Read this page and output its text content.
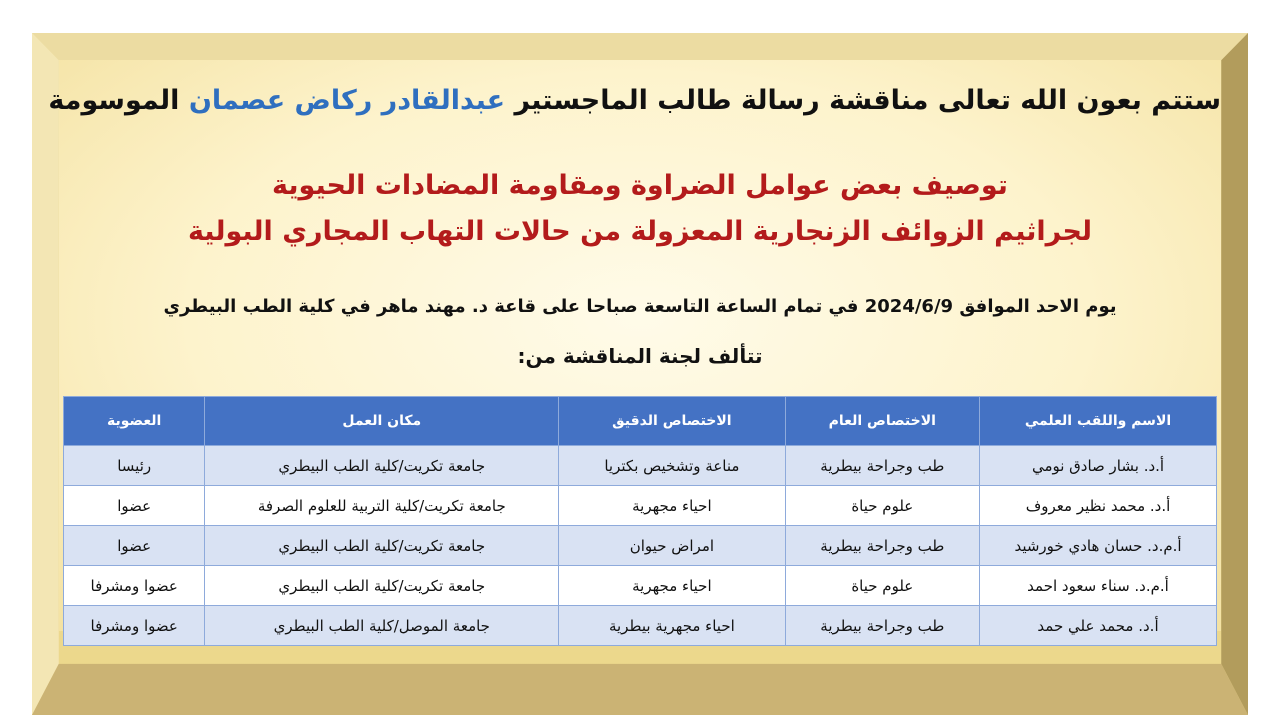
ستتم بعون الله تعالى مناقشة رسالة طالب الماجستير عبدالقادر ركاض عصمان الموسومة
توصيف بعض عوامل الضراوة ومقاومة المضادات الحيوية
لجراثيم الزوائف الزنجارية المعزولة من حالات التهاب المجاري البولية
يوم الاحد الموافق 2024/6/9 في تمام الساعة التاسعة صباحا على قاعة د. مهند ماهر في كلية الطب البيطري
تتألف لجنة المناقشة من:
الاسم واللقب العلمي	الاختصاص العام	الاختصاص الدقيق	مكان العمل	العضوية
أ.د. بشار صادق نومي	طب وجراحة بيطرية	مناعة وتشخيص بكتريا	جامعة تكريت/كلية الطب البيطري	رئيسا
أ.د. محمد نظير معروف	علوم حياة	احياء مجهرية	جامعة تكريت/كلية التربية للعلوم الصرفة	عضوا
أ.م.د. حسان هادي خورشيد	طب وجراحة بيطرية	امراض حيوان	جامعة تكريت/كلية الطب البيطري	عضوا
أ.م.د. سناء سعود احمد	علوم حياة	احياء مجهرية	جامعة تكريت/كلية الطب البيطري	عضوا ومشرفا
أ.د. محمد علي حمد	طب وجراحة بيطرية	احياء مجهرية بيطرية	جامعة الموصل/كلية الطب البيطري	عضوا ومشرفا
